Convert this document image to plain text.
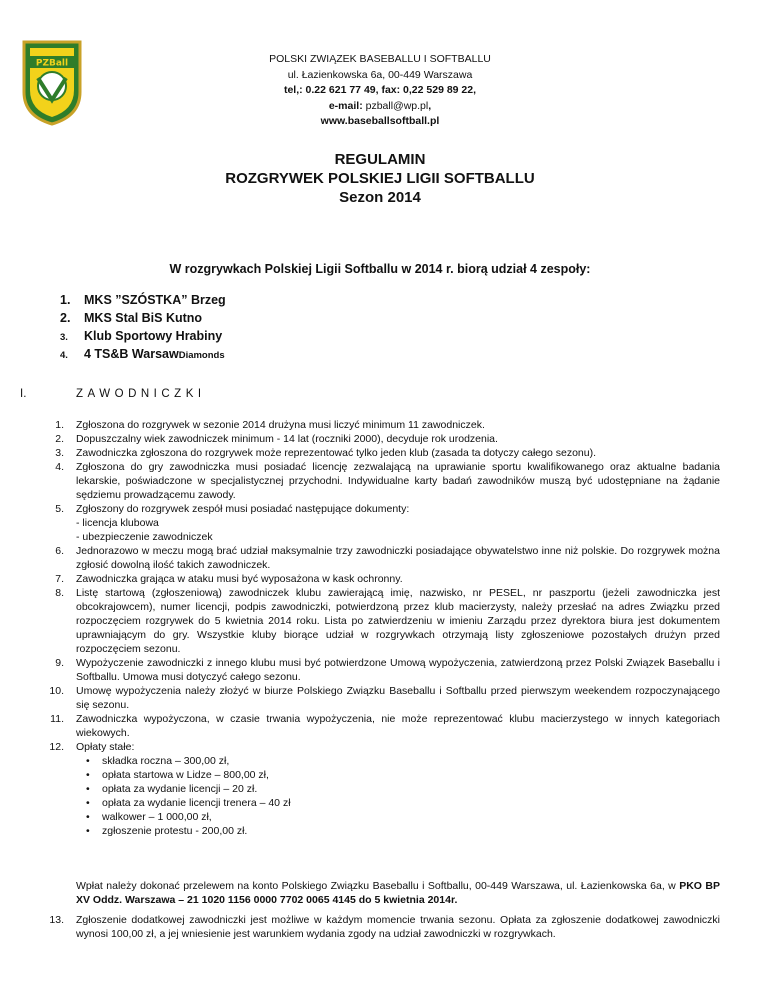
PZBall	POLSKI ZWIĄZEK BASEBALLU I SOFTBALLU
ul. Łazienkowska 6a, 00-449 Warszawa
tel,: 0.22 621 77 49, fax: 0,22 529 89 22,
e-mail: pzball@wp.pl,
www.baseballsoftball.pl
REGULAMIN
ROZGRYWEK POLSKIEJ LIGII SOFTBALLU
Sezon 2014
W rozgrywkach Polskiej Ligii Softballu w 2014 r. biorą udział 4 zespoły:
1.	MKS ”SZÓSTKA” Brzeg
2.	MKS Stal BiS Kutno
3.	Klub Sportowy Hrabiny
4.	4 TS&B Warsaw Diamonds
I.	ZAWODNICZKI
1.	Zgłoszona do rozgrywek w sezonie 2014 drużyna musi liczyć minimum 11 zawodniczek.
2.	Dopuszczalny wiek zawodniczek minimum - 14 lat (roczniki 2000), decyduje rok urodzenia.
3.	Zawodniczka zgłoszona do rozgrywek może reprezentować tylko jeden klub (zasada ta dotyczy całego sezonu).
4.	Zgłoszona do gry zawodniczka musi posiadać licencję zezwalającą na uprawianie sportu kwalifikowanego oraz aktualne badania lekarskie, poświadczone w specjalistycznej przychodni. Indywidualne karty badań zawodników muszą być udostępniane na żądanie sędziemu prowadzącemu zawody.
5.	Zgłoszony do rozgrywek zespół musi posiadać następujące dokumenty:
- licencja klubowa
- ubezpieczenie zawodniczek
6.	Jednorazowo w meczu mogą brać udział maksymalnie trzy zawodniczki posiadające obywatelstwo inne niż polskie. Do rozgrywek można zgłosić dowolną ilość takich zawodniczek.
7.	Zawodniczka grająca w ataku musi być wyposażona w kask ochronny.
8.	Listę startową (zgłoszeniową) zawodniczek klubu zawierającą imię, nazwisko, nr PESEL, nr paszportu (jeżeli zawodniczka jest obcokrajowcem), numer licencji, podpis zawodniczki, potwierdzoną przez klub macierzysty, należy przesłać na adres Związku przed rozpoczęciem rozgrywek do 5 kwietnia 2014 roku. Lista po zatwierdzeniu w imieniu Zarządu przez dyrektora biura jest dokumentem uprawniającym do gry. Wszystkie kluby biorące udział w rozgrywkach otrzymają listy zgłoszeniowe pozostałych drużyn przed rozpoczęciem sezonu.
9.	Wypożyczenie zawodniczki z innego klubu musi być potwierdzone Umową wypożyczenia, zatwierdzoną przez Polski Związek Baseballu i Softballu. Umowa musi dotyczyć całego sezonu.
10.	Umowę wypożyczenia należy złożyć w biurze Polskiego Związku Baseballu i Softballu przed pierwszym weekendem rozpoczynającego się sezonu.
11.	Zawodniczka wypożyczona, w czasie trwania wypożyczenia, nie może reprezentować klubu macierzystego w innych kategoriach wiekowych.
12.	Opłaty stałe:
• składka roczna – 300,00 zł,
• opłata startowa w Lidze – 800,00 zł,
• opłata za wydanie licencji – 20 zł.
• opłata za wydanie licencji trenera – 40 zł
• walkower – 1 000,00 zł,
• zgłoszenie protestu - 200,00 zł.
Wpłat należy dokonać przelewem na konto Polskiego Związku Baseballu i Softballu, 00-449 Warszawa, ul. Łazienkowska 6a, w PKO BP XV Oddz. Warszawa – 21 1020 1156 0000 7702 0065 4145 do 5 kwietnia 2014r.
13.	Zgłoszenie dodatkowej zawodniczki jest możliwe w każdym momencie trwania sezonu. Opłata za zgłoszenie dodatkowej zawodniczki wynosi 100,00 zł, a jej wniesienie jest warunkiem wydania zgody na udział zawodniczki w rozgrywkach.
